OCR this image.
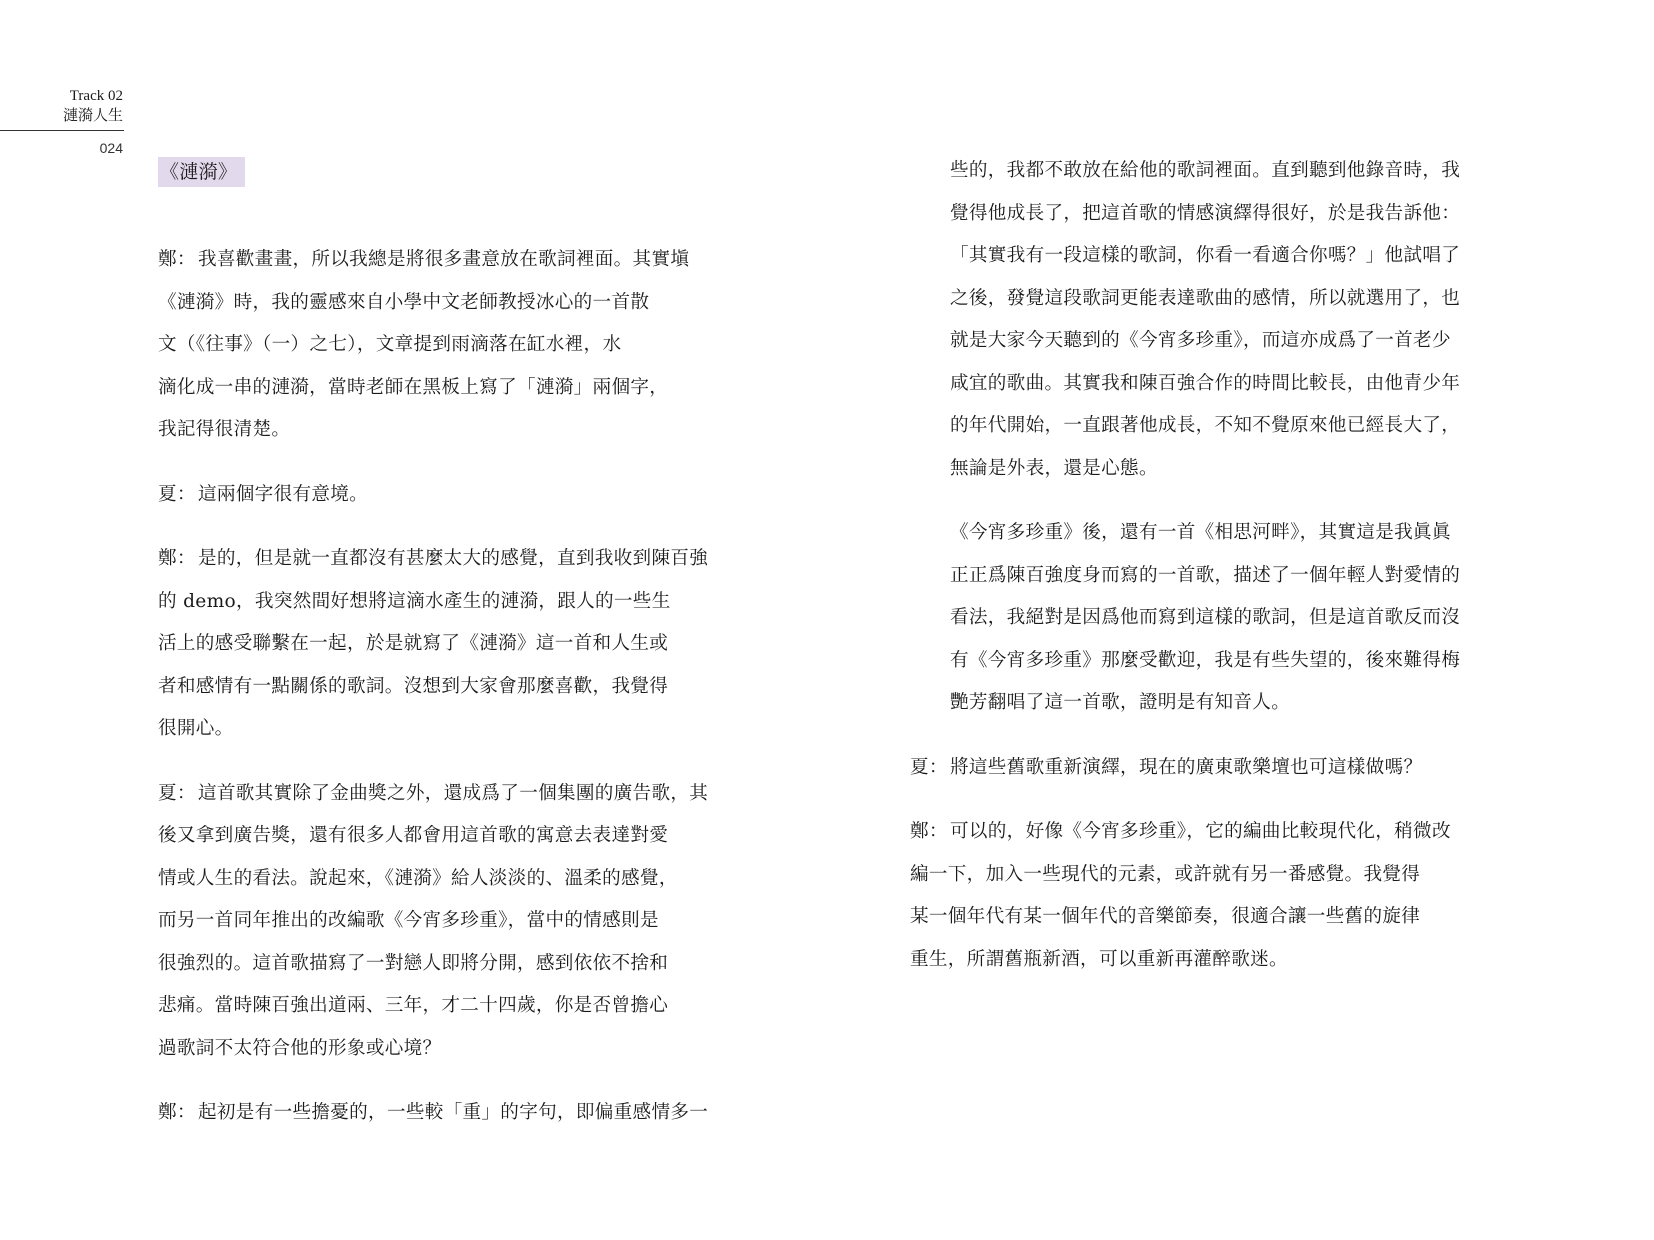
Track 02
漣漪人生
024
《漣漪》
鄭： 我喜歡畫畫，所以我總是將很多畫意放在歌詞裡面。其實塡
《漣漪》時，我的靈感來自小學中文老師教授冰心的一首散
文（《往事》（一）之七），文章提到雨滴落在缸水裡，水
滴化成一串的漣漪，當時老師在黑板上寫了「漣漪」兩個字，
我記得很清楚。
夏： 這兩個字很有意境。
鄭： 是的，但是就一直都沒有甚麼太大的感覺，直到我收到陳百強
的 demo，我突然間好想將這滴水產生的漣漪，跟人的一些生
活上的感受聯繫在一起，於是就寫了《漣漪》這一首和人生或
者和感情有一點關係的歌詞。沒想到大家會那麼喜歡，我覺得
很開心。
夏： 這首歌其實除了金曲獎之外，還成爲了一個集團的廣告歌，其
後又拿到廣告獎，還有很多人都會用這首歌的寓意去表達對愛
情或人生的看法。說起來，《漣漪》給人淡淡的、溫柔的感覺，
而另一首同年推出的改編歌《今宵多珍重》，當中的情感則是
很強烈的。這首歌描寫了一對戀人即將分開，感到依依不捨和
悲痛。當時陳百強出道兩、三年，才二十四歲，你是否曾擔心
過歌詞不太符合他的形象或心境？
鄭： 起初是有一些擔憂的，一些較「重」的字句，即偏重感情多一
些的，我都不敢放在給他的歌詞裡面。直到聽到他錄音時，我
覺得他成長了，把這首歌的情感演繹得很好，於是我告訴他：
「其實我有一段這樣的歌詞，你看一看適合你嗎？」他試唱了
之後，發覺這段歌詞更能表達歌曲的感情，所以就選用了，也
就是大家今天聽到的《今宵多珍重》，而這亦成爲了一首老少
咸宜的歌曲。其實我和陳百強合作的時間比較長，由他青少年
的年代開始，一直跟著他成長，不知不覺原來他已經長大了，
無論是外表，還是心態。
《今宵多珍重》後，還有一首《相思河畔》，其實這是我眞眞
正正爲陳百強度身而寫的一首歌，描述了一個年輕人對愛情的
看法，我絕對是因爲他而寫到這樣的歌詞，但是這首歌反而沒
有《今宵多珍重》那麼受歡迎，我是有些失望的，後來難得梅
艷芳翻唱了這一首歌，證明是有知音人。
夏： 將這些舊歌重新演繹，現在的廣東歌樂壇也可這樣做嗎？
鄭： 可以的，好像《今宵多珍重》，它的編曲比較現代化，稍微改
編一下，加入一些現代的元素，或許就有另一番感覺。我覺得
某一個年代有某一個年代的音樂節奏，很適合讓一些舊的旋律
重生，所謂舊瓶新酒，可以重新再灌醉歌迷。
